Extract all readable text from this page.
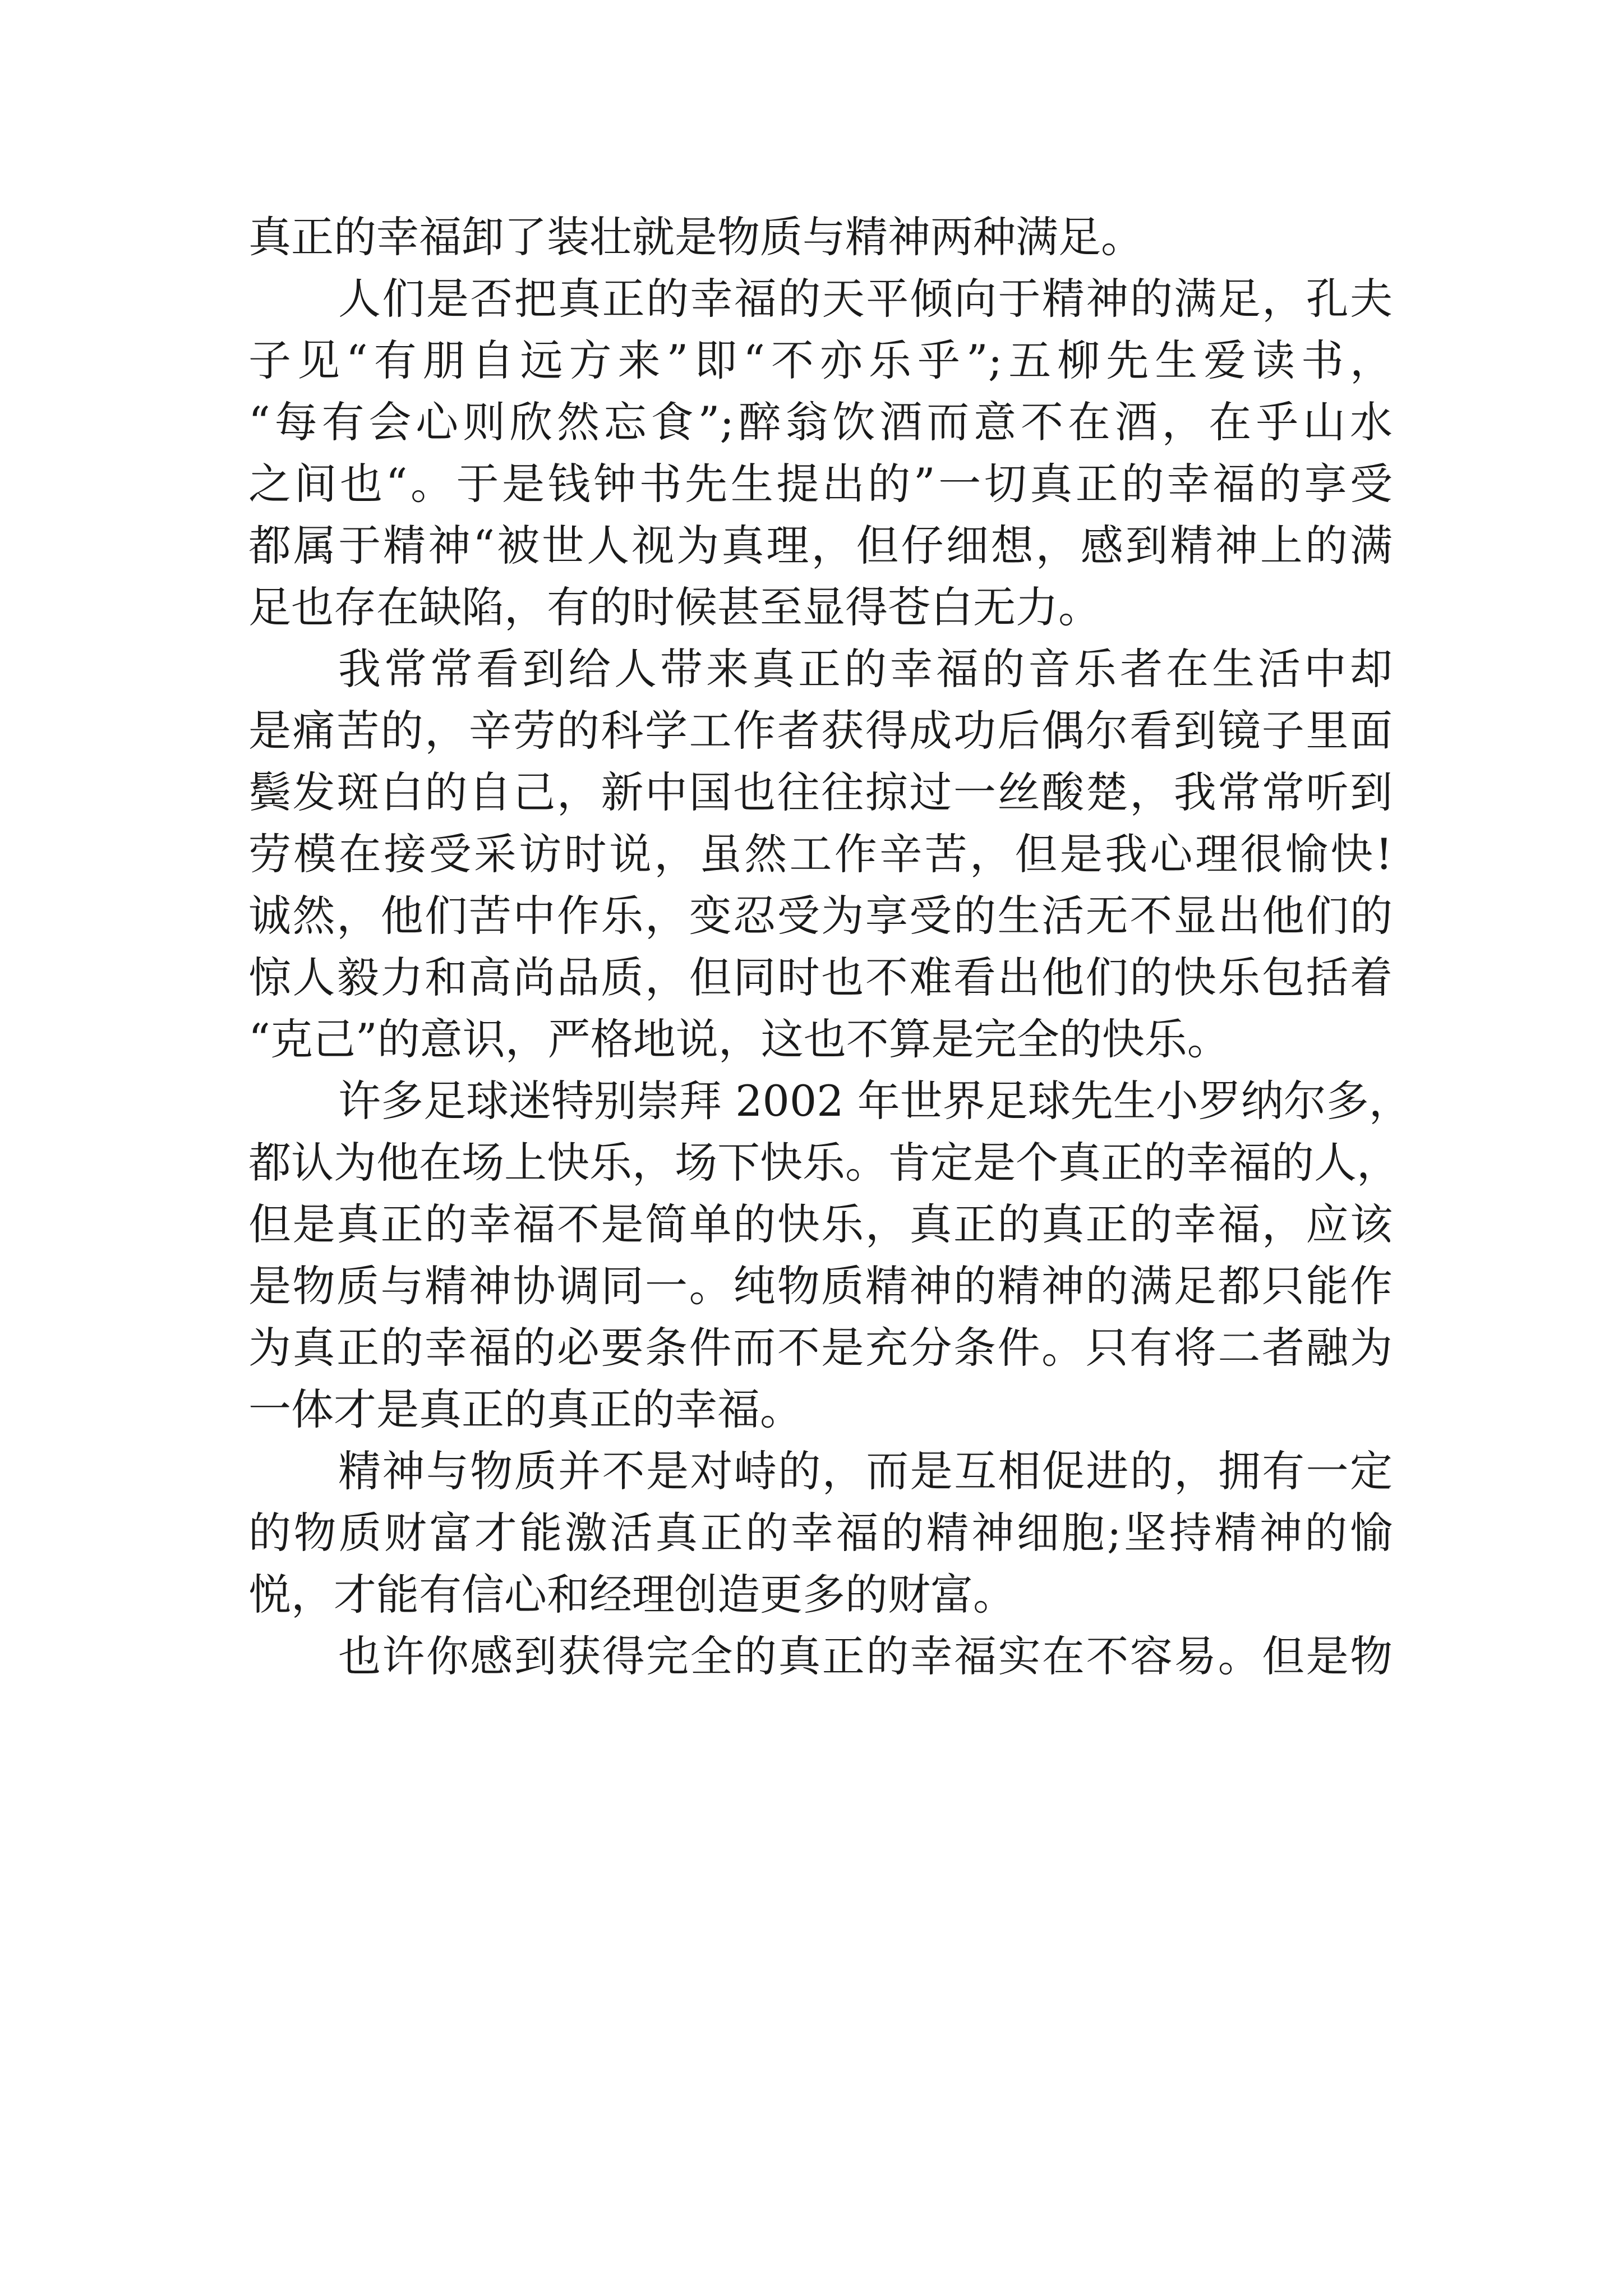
真正的幸福卸了装壮就是物质与精神两种满足。
人们是否把真正的幸福的天平倾向于精神的满足，孔夫
子见“有朋自远方来”即“不亦乐乎”;五柳先生爱读书，
“每有会心则欣然忘食”;醉翁饮酒而意不在酒，在乎山水
之间也“。于是钱钟书先生提出的”一切真正的幸福的享受
都属于精神“被世人视为真理，但仔细想，感到精神上的满
足也存在缺陷，有的时候甚至显得苍白无力。
我常常看到给人带来真正的幸福的音乐者在生活中却
是痛苦的，辛劳的科学工作者获得成功后偶尔看到镜子里面
鬓发斑白的自己，新中国也往往掠过一丝酸楚，我常常听到
劳模在接受采访时说，虽然工作辛苦，但是我心理很愉快!
诚然，他们苦中作乐，变忍受为享受的生活无不显出他们的
惊人毅力和高尚品质，但同时也不难看出他们的快乐包括着
“克己”的意识，严格地说，这也不算是完全的快乐。
许多足球迷特别崇拜 2002 年世界足球先生小罗纳尔多，
都认为他在场上快乐，场下快乐。肯定是个真正的幸福的人，
但是真正的幸福不是简单的快乐，真正的真正的幸福，应该
是物质与精神协调同一。纯物质精神的精神的满足都只能作
为真正的幸福的必要条件而不是充分条件。只有将二者融为
一体才是真正的真正的幸福。
精神与物质并不是对峙的，而是互相促进的，拥有一定
的物质财富才能激活真正的幸福的精神细胞;坚持精神的愉
悦，才能有信心和经理创造更多的财富。
也许你感到获得完全的真正的幸福实在不容易。但是物
